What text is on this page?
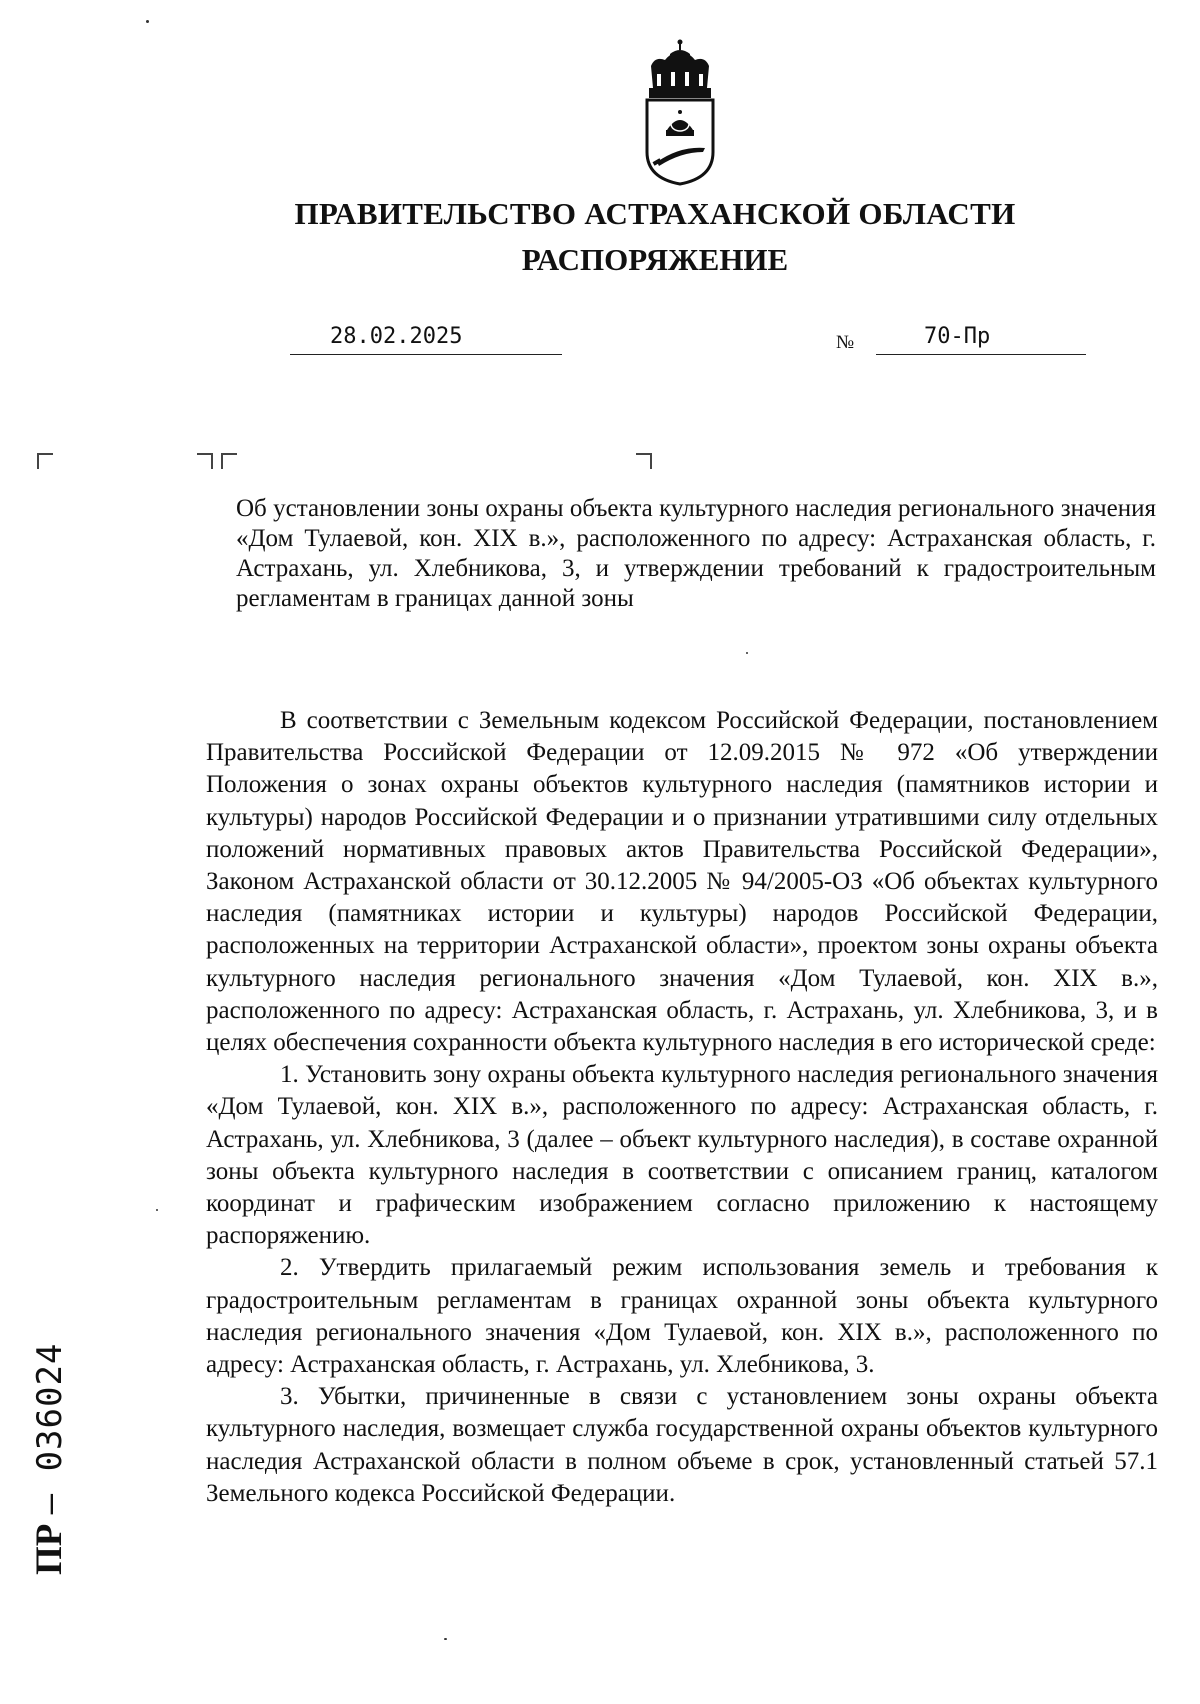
ПРАВИТЕЛЬСТВО АСТРАХАНСКОЙ ОБЛАСТИ
РАСПОРЯЖЕНИЕ
28.02.2025	№	70-Пр
Об установлении зоны охраны объекта культурного наследия регионального значения «Дом Тулаевой, кон. XIX в.», расположенного по адресу: Астраханская область, г. Астрахань, ул. Хлебникова, 3, и утверждении требований к градостроительным регламентам в границах данной зоны

В соответствии с Земельным кодексом Российской Федерации, постановлением Правительства Российской Федерации от 12.09.2015 № 972 «Об утверждении Положения о зонах охраны объектов культурного наследия (памятников истории и культуры) народов Российской Федерации и о признании утратившими силу отдельных положений нормативных правовых актов Правительства Российской Федерации», Законом Астраханской области от 30.12.2005 № 94/2005-ОЗ «Об объектах культурного наследия (памятниках истории и культуры) народов Российской Федерации, расположенных на территории Астраханской области», проектом зоны охраны объекта культурного наследия регионального значения «Дом Тулаевой, кон. XIX в.», расположенного по адресу: Астраханская область, г. Астрахань, ул. Хлебникова, 3, и в целях обеспечения сохранности объекта культурного наследия в его исторической среде:

1. Установить зону охраны объекта культурного наследия регионального значения «Дом Тулаевой, кон. XIX в.», расположенного по адресу: Астраханская область, г. Астрахань, ул. Хлебникова, 3 (далее – объект культурного наследия), в составе охранной зоны объекта культурного наследия в соответствии с описанием границ, каталогом координат и графическим изображением согласно приложению к настоящему распоряжению.

2. Утвердить прилагаемый режим использования земель и требования к градостроительным регламентам в границах охранной зоны объекта культурного наследия регионального значения «Дом Тулаевой, кон. XIX в.», расположенного по адресу: Астраханская область, г. Астрахань, ул. Хлебникова, 3.

3. Убытки, причиненные в связи с установлением зоны охраны объекта культурного наследия, возмещает служба государственной охраны объектов культурного наследия Астраханской области в полном объеме в срок, установленный статьей 57.1 Земельного кодекса Российской Федерации.

ПР – 036024
